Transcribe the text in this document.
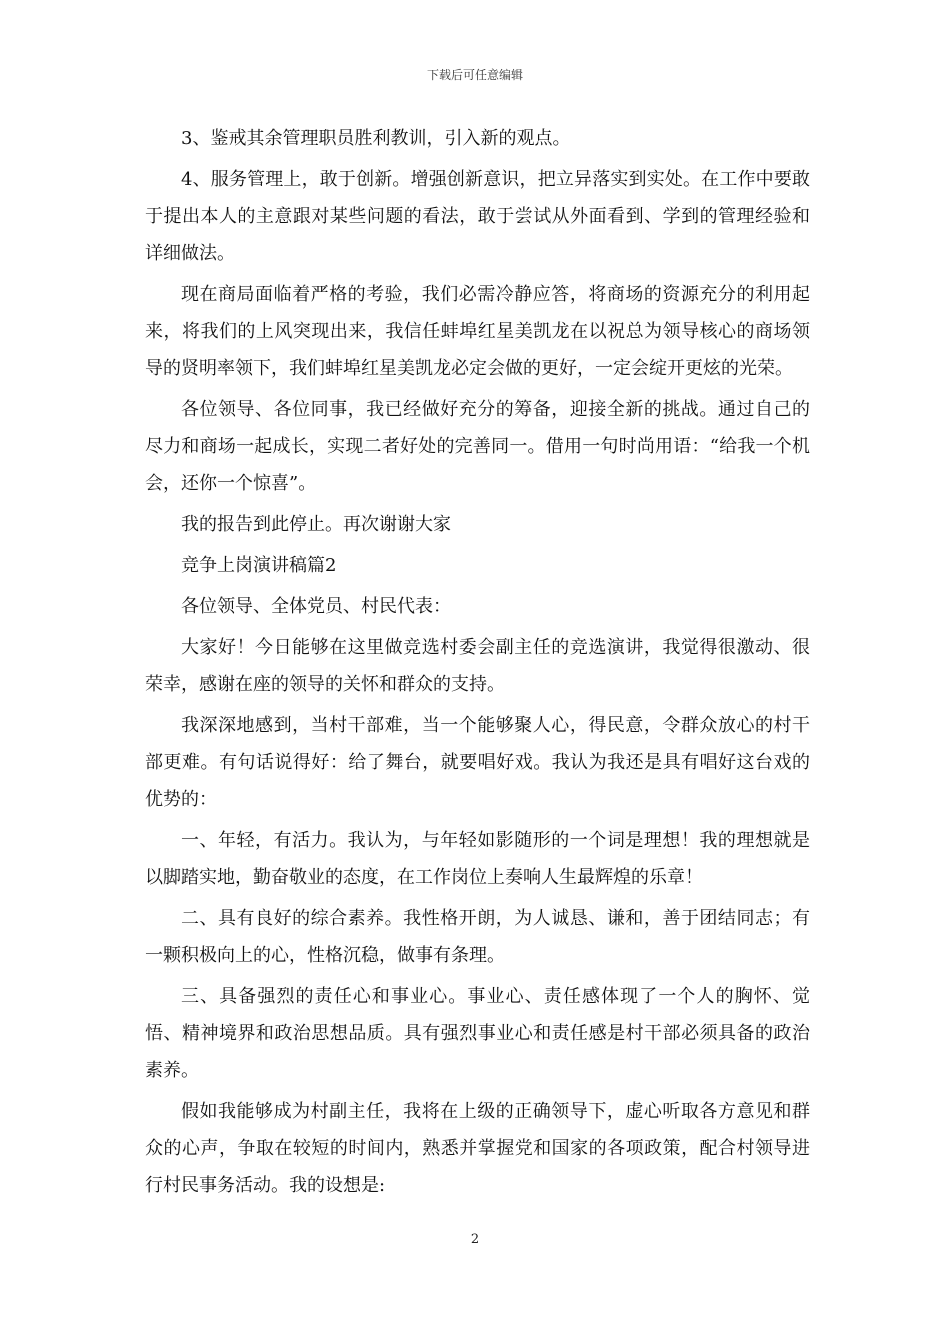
下载后可任意编辑

3、鉴戒其余管理职员胜利教训，引入新的观点。

4、服务管理上，敢于创新。增强创新意识，把立异落实到实处。在工作中要敢于提出本人的主意跟对某些问题的看法，敢于尝试从外面看到、学到的管理经验和详细做法。

现在商局面临着严格的考验，我们必需冷静应答，将商场的资源充分的利用起来，将我们的上风突现出来，我信任蚌埠红星美凯龙在以祝总为领导核心的商场领导的贤明率领下，我们蚌埠红星美凯龙必定会做的更好，一定会绽开更炫的光荣。

各位领导、各位同事，我已经做好充分的筹备，迎接全新的挑战。通过自己的尽力和商场一起成长，实现二者好处的完善同一。借用一句时尚用语：“给我一个机会，还你一个惊喜”。

我的报告到此停止。再次谢谢大家

竞争上岗演讲稿篇2

各位领导、全体党员、村民代表：

大家好！今日能够在这里做竞选村委会副主任的竞选演讲，我觉得很激动、很荣幸，感谢在座的领导的关怀和群众的支持。

我深深地感到，当村干部难，当一个能够聚人心，得民意，令群众放心的村干部更难。有句话说得好：给了舞台，就要唱好戏。我认为我还是具有唱好这台戏的优势的：

一、年轻，有活力。我认为，与年轻如影随形的一个词是理想！我的理想就是以脚踏实地，勤奋敬业的态度，在工作岗位上奏响人生最辉煌的乐章！

二、具有良好的综合素养。我性格开朗，为人诚恳、谦和，善于团结同志；有一颗积极向上的心，性格沉稳，做事有条理。

三、具备强烈的责任心和事业心。事业心、责任感体现了一个人的胸怀、觉悟、精神境界和政治思想品质。具有强烈事业心和责任感是村干部必须具备的政治素养。

假如我能够成为村副主任，我将在上级的正确领导下，虚心听取各方意见和群众的心声，争取在较短的时间内，熟悉并掌握党和国家的各项政策，配合村领导进行村民事务活动。我的设想是:

2
